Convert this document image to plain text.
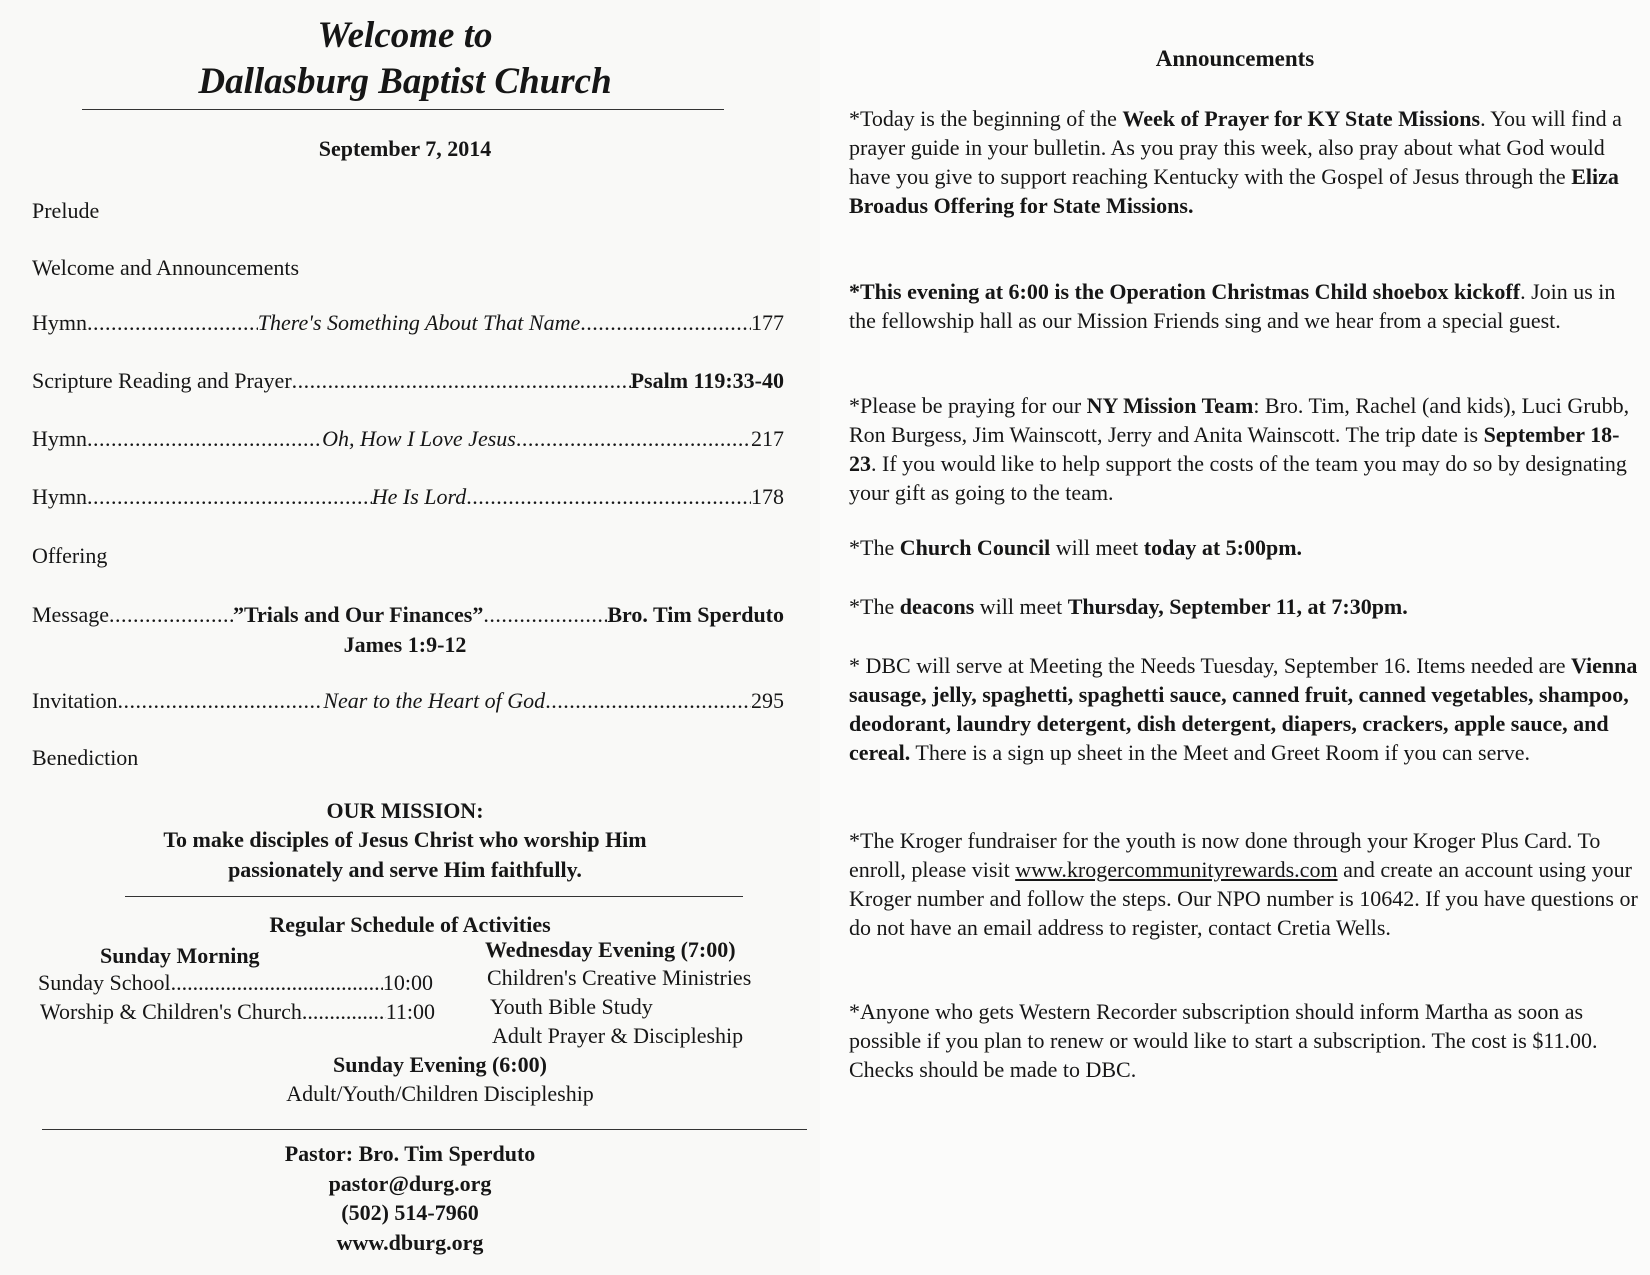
Welcome to
Dallasburg Baptist Church
September 7, 2014
Prelude
Welcome and Announcements
Hymn .....	There's Something About That Name .....	177
Scripture Reading and Prayer .....	Psalm 119:33-40
Hymn .....	Oh, How I Love Jesus .....	217
Hymn .....	He Is Lord .....	178
Offering
Message .....	”Trials and Our Finances” .....	Bro. Tim Sperduto
James 1:9-12
Invitation .....	Near to the Heart of God .....	295
Benediction
OUR MISSION:
To make disciples of Jesus Christ who worship Him
passionately and serve Him faithfully.
Regular Schedule of Activities
Sunday Morning
Sunday School .....	10:00
Worship & Children's Church .....	11:00
Wednesday Evening (7:00)
Children's Creative Ministries
Youth Bible Study
Adult Prayer & Discipleship
Sunday Evening (6:00)
Adult/Youth/Children Discipleship
Pastor: Bro. Tim Sperduto
pastor@durg.org
(502) 514-7960
www.dburg.org
Announcements
*Today is the beginning of the Week of Prayer for KY State Missions. You will find a prayer guide in your bulletin. As you pray this week, also pray about what God would have you give to support reaching Kentucky with the Gospel of Jesus through the Eliza Broadus Offering for State Missions.
*This evening at 6:00 is the Operation Christmas Child shoebox kickoff. Join us in the fellowship hall as our Mission Friends sing and we hear from a special guest.
*Please be praying for our NY Mission Team: Bro. Tim, Rachel (and kids), Luci Grubb, Ron Burgess, Jim Wainscott, Jerry and Anita Wainscott. The trip date is September 18-23. If you would like to help support the costs of the team you may do so by designating your gift as going to the team.
*The Church Council will meet today at 5:00pm.
*The deacons will meet Thursday, September 11, at 7:30pm.
* DBC will serve at Meeting the Needs Tuesday, September 16. Items needed are Vienna sausage, jelly, spaghetti, spaghetti sauce, canned fruit, canned vegetables, shampoo, deodorant, laundry detergent, dish detergent, diapers, crackers, apple sauce, and cereal. There is a sign up sheet in the Meet and Greet Room if you can serve.
*The Kroger fundraiser for the youth is now done through your Kroger Plus Card. To enroll, please visit www.krogercommunityrewards.com and create an account using your Kroger number and follow the steps. Our NPO number is 10642. If you have questions or do not have an email address to register, contact Cretia Wells.
*Anyone who gets Western Recorder subscription should inform Martha as soon as possible if you plan to renew or would like to start a subscription. The cost is $11.00. Checks should be made to DBC.
